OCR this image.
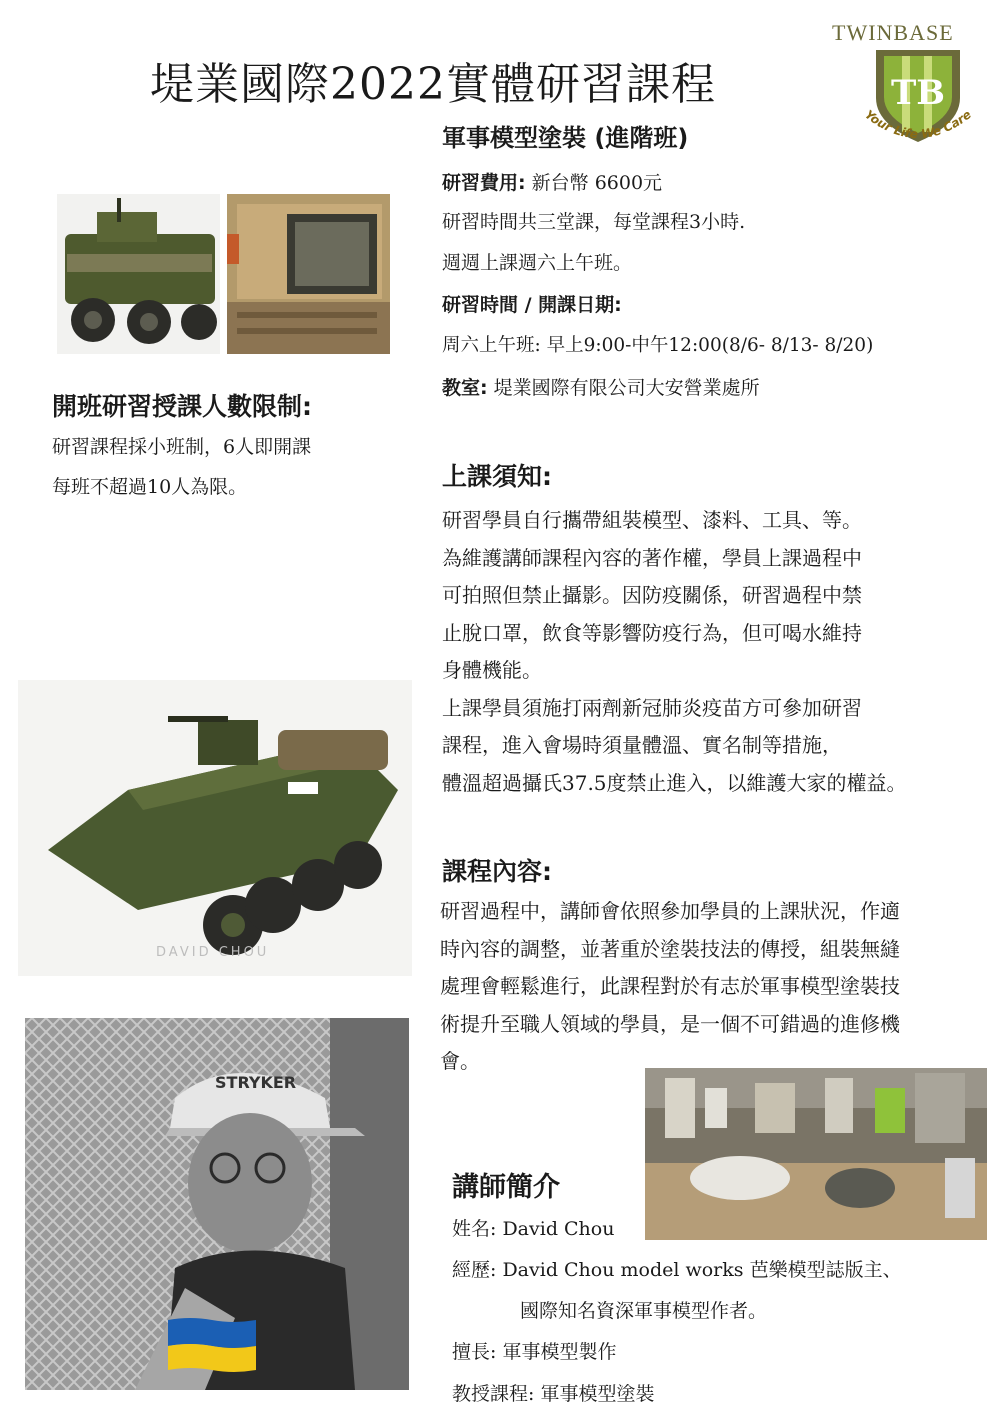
堤業國際2022實體研習課程
TWINBASE
TB
Your Life We Care
軍事模型塗裝 (進階班)
研習費用: 新台幣 6600元
研習時間共三堂課，每堂課程3小時.
週週上課週六上午班。
研習時間 / 開課日期:
周六上午班: 早上9:00-中午12:00(8/6- 8/13- 8/20)
教室: 堤業國際有限公司大安營業處所
開班研習授課人數限制:
研習課程採小班制，6人即開課
每班不超過10人為限。	上課須知:
研習學員自行攜帶組裝模型、漆料、工具、等。
為維護講師課程內容的著作權，學員上課過程中
可拍照但禁止攝影。因防疫關係，研習過程中禁
止脫口罩，飲食等影響防疫行為，但可喝水維持
身體機能。
上課學員須施打兩劑新冠肺炎疫苗方可參加研習
課程，進入會場時須量體溫、實名制等措施，
體溫超過攝氏37.5度禁止進入，以維護大家的權益。
DAVID CHOU
課程內容:
研習過程中，講師會依照參加學員的上課狀況，作適
時內容的調整，並著重於塗裝技法的傳授，組裝無縫
處理會輕鬆進行，此課程對於有志於軍事模型塗裝技
術提升至職人領域的學員，是一個不可錯過的進修機
會。
STRYKER
講師簡介
姓名: David Chou
經歷: David Chou model works 芭樂模型誌版主、
國際知名資深軍事模型作者。
擅長: 軍事模型製作
教授課程: 軍事模型塗裝
